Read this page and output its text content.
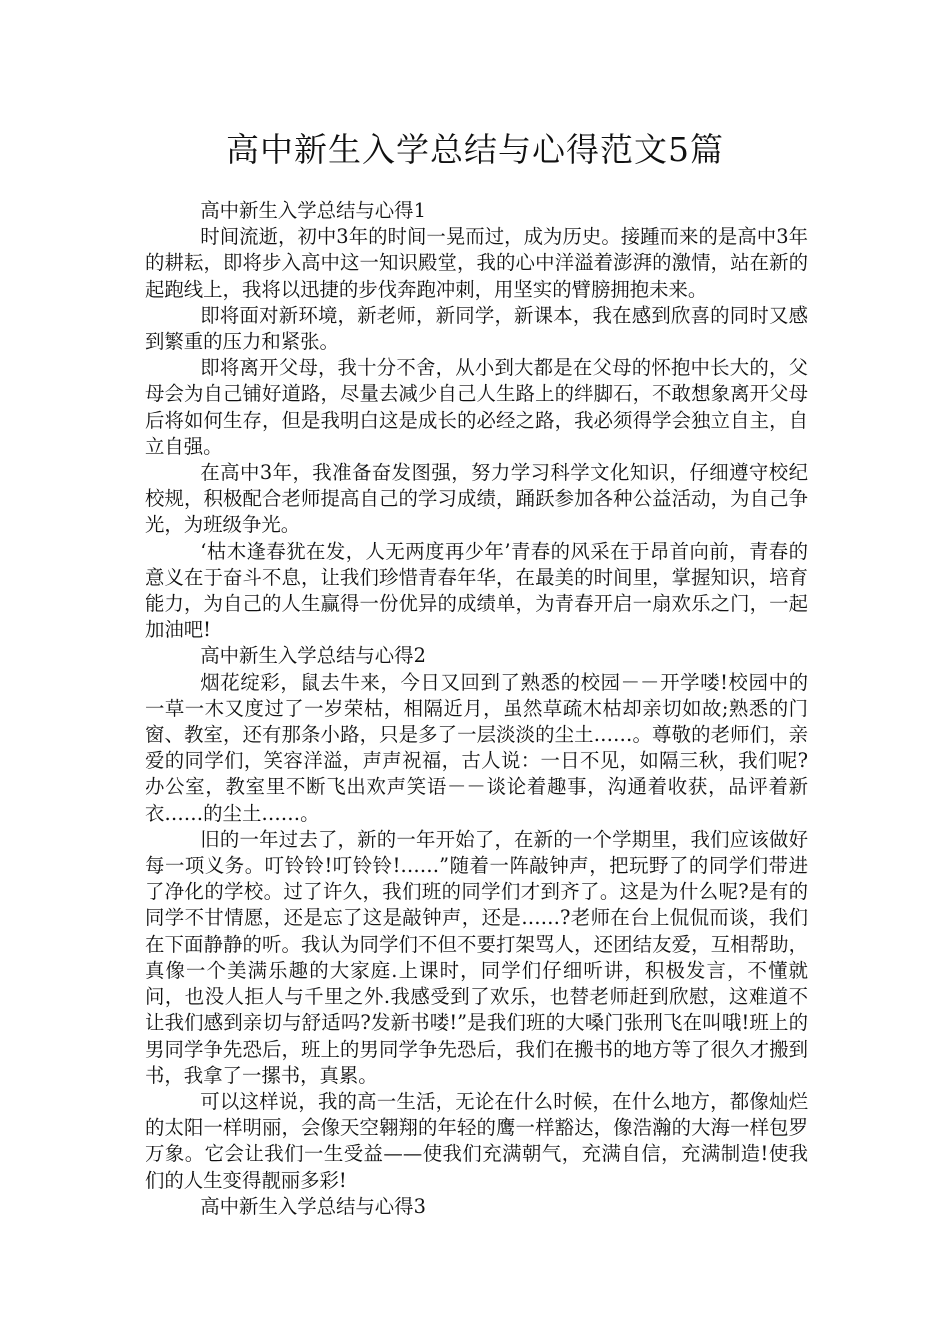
高中新生入学总结与心得范文5篇

高中新生入学总结与心得1

时间流逝，初中3年的时间一晃而过，成为历史。接踵而来的是高中3年的耕耘，即将步入高中这一知识殿堂，我的心中洋溢着澎湃的激情，站在新的起跑线上，我将以迅捷的步伐奔跑冲刺，用坚实的臂膀拥抱未来。

即将面对新环境，新老师，新同学，新课本，我在感到欣喜的同时又感到繁重的压力和紧张。

即将离开父母，我十分不舍，从小到大都是在父母的怀抱中长大的，父母会为自己铺好道路，尽量去减少自己人生路上的绊脚石，不敢想象离开父母后将如何生存，但是我明白这是成长的必经之路，我必须得学会独立自主，自立自强。

在高中3年，我准备奋发图强，努力学习科学文化知识，仔细遵守校纪校规，积极配合老师提高自己的学习成绩，踊跃参加各种公益活动，为自己争光，为班级争光。

‘枯木逢春犹在发，人无两度再少年’青春的风采在于昂首向前，青春的意义在于奋斗不息，让我们珍惜青春年华，在最美的时间里，掌握知识，培育能力，为自己的人生赢得一份优异的成绩单，为青春开启一扇欢乐之门，一起加油吧!

高中新生入学总结与心得2

烟花绽彩，鼠去牛来，今日又回到了熟悉的校园－－开学喽!校园中的一草一木又度过了一岁荣枯，相隔近月，虽然草疏木枯却亲切如故;熟悉的门窗、教室，还有那条小路，只是多了一层淡淡的尘土……。尊敬的老师们，亲爱的同学们，笑容洋溢，声声祝福，古人说：一日不见，如隔三秋，我们呢?办公室，教室里不断飞出欢声笑语－－谈论着趣事，沟通着收获，品评着新衣……的尘土……。

旧的一年过去了，新的一年开始了，在新的一个学期里，我们应该做好每一项义务。叮铃铃!叮铃铃!……”随着一阵敲钟声，把玩野了的同学们带进了净化的学校。过了许久，我们班的同学们才到齐了。这是为什么呢?是有的同学不甘情愿，还是忘了这是敲钟声，还是……?老师在台上侃侃而谈，我们在下面静静的听。我认为同学们不但不要打架骂人，还团结友爱，互相帮助，真像一个美满乐趣的大家庭.上课时，同学们仔细听讲，积极发言，不懂就问，也没人拒人与千里之外.我感受到了欢乐，也替老师赶到欣慰，这难道不让我们感到亲切与舒适吗?发新书喽!”是我们班的大嗓门张刑飞在叫哦!班上的男同学争先恐后，班上的男同学争先恐后，我们在搬书的地方等了很久才搬到书，我拿了一摞书，真累。

可以这样说，我的高一生活，无论在什么时候，在什么地方，都像灿烂的太阳一样明丽，会像天空翱翔的年轻的鹰一样豁达，像浩瀚的大海一样包罗万象。它会让我们一生受益——使我们充满朝气，充满自信，充满制造!使我们的人生变得靓丽多彩!

高中新生入学总结与心得3
